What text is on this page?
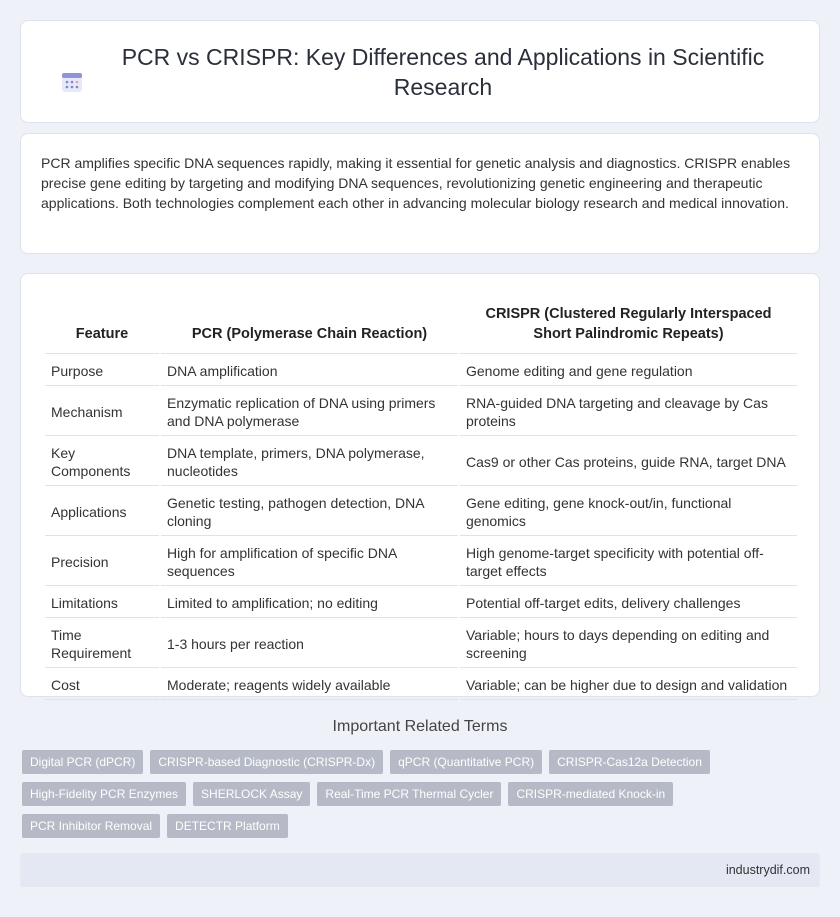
PCR vs CRISPR: Key Differences and Applications in Scientific Research

PCR amplifies specific DNA sequences rapidly, making it essential for genetic analysis and diagnostics. CRISPR enables precise gene editing by targeting and modifying DNA sequences, revolutionizing genetic engineering and therapeutic applications. Both technologies complement each other in advancing molecular biology research and medical innovation.

Feature	PCR (Polymerase Chain Reaction)	CRISPR (Clustered Regularly Interspaced Short Palindromic Repeats)
Purpose	DNA amplification	Genome editing and gene regulation
Mechanism	Enzymatic replication of DNA using primers and DNA polymerase	RNA-guided DNA targeting and cleavage by Cas proteins
Key Components	DNA template, primers, DNA polymerase, nucleotides	Cas9 or other Cas proteins, guide RNA, target DNA
Applications	Genetic testing, pathogen detection, DNA cloning	Gene editing, gene knock-out/in, functional genomics
Precision	High for amplification of specific DNA sequences	High genome-target specificity with potential off-target effects
Limitations	Limited to amplification; no editing	Potential off-target edits, delivery challenges
Time Requirement	1-3 hours per reaction	Variable; hours to days depending on editing and screening
Cost	Moderate; reagents widely available	Variable; can be higher due to design and validation
Important Related Terms
Digital PCR (dPCR)	CRISPR-based Diagnostic (CRISPR-Dx)	qPCR (Quantitative PCR)	CRISPR-Cas12a Detection
High-Fidelity PCR Enzymes	SHERLOCK Assay	Real-Time PCR Thermal Cycler	CRISPR-mediated Knock-in
PCR Inhibitor Removal	DETECTR Platform
industrydif.com
